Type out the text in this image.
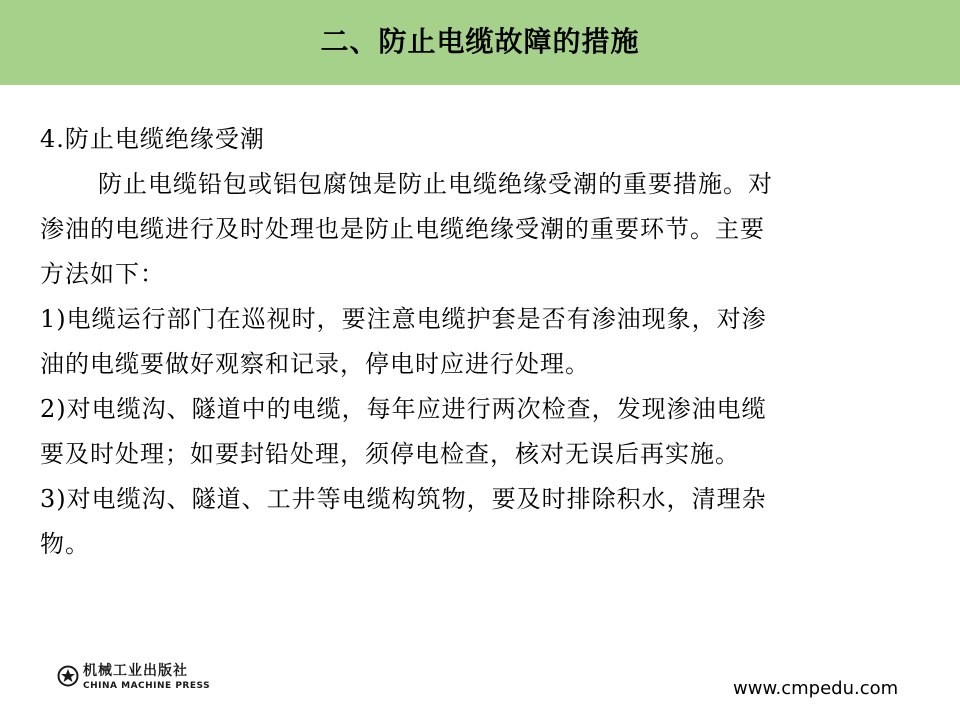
二、防止电缆故障的措施
4.防止电缆绝缘受潮
防止电缆铅包或铝包腐蚀是防止电缆绝缘受潮的重要措施。对
渗油的电缆进行及时处理也是防止电缆绝缘受潮的重要环节。主要
方法如下：
1)电缆运行部门在巡视时，要注意电缆护套是否有渗油现象，对渗
油的电缆要做好观察和记录，停电时应进行处理。
2)对电缆沟、隧道中的电缆，每年应进行两次检查，发现渗油电缆
要及时处理；如要封铅处理，须停电检查，核对无误后再实施。
3)对电缆沟、隧道、工井等电缆构筑物，要及时排除积水，清理杂
物。
机械工业出版社
CHINA MACHINE PRESS	www.cmpedu.com
